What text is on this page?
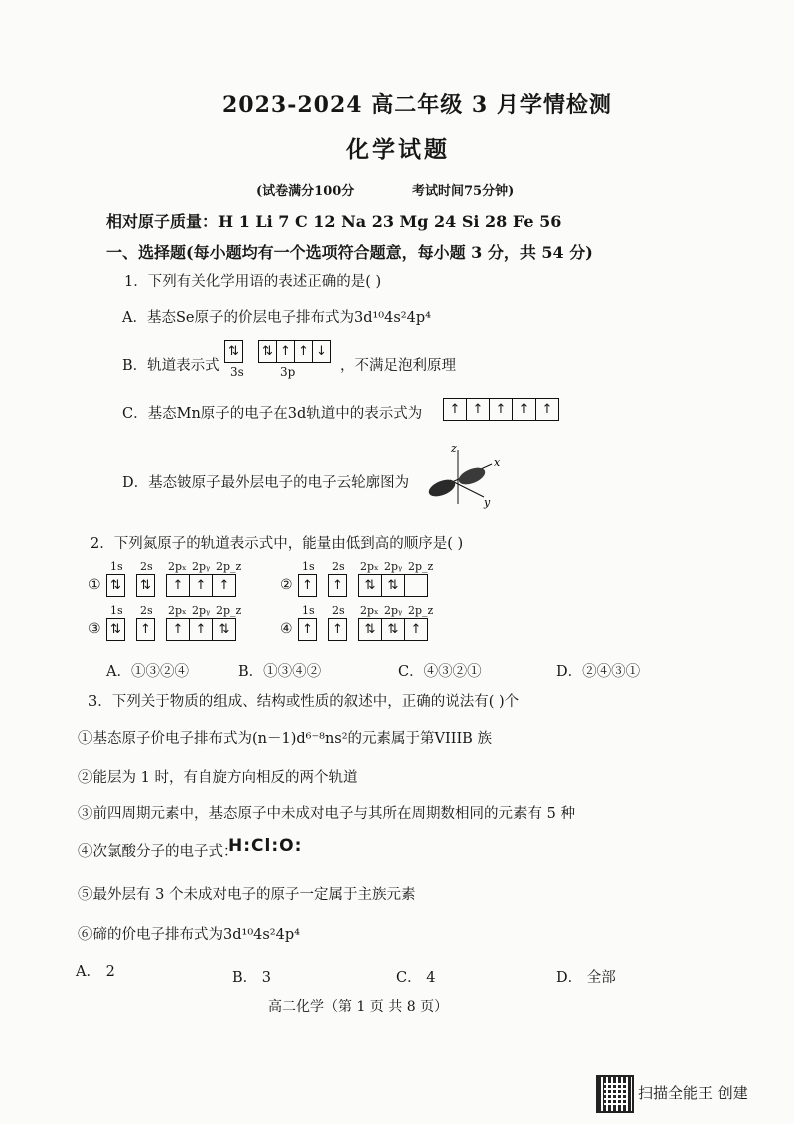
2023-2024 高二年级 3 月学情检测
化学试题
(试卷满分100分	考试时间75分钟)
相对原子质量：H 1 Li 7 C 12 Na 23 Mg 24 Si 28 Fe 56
一、选择题(每小题均有一个选项符合题意，每小题 3 分，共 54 分)
1．下列有关化学用语的表述正确的是( )
A．基态Se原子的价层电子排布式为3d¹⁰4s²4p⁴
B．轨道表示式
⇅ ⇅ ↑ ↑ ↓
3s	3p	，不满足泡利原理
C．基态Mn原子的电子在3d轨道中的表示式为	↑ ↑ ↑ ↑ ↑
D．基态铍原子最外层电子的电子云轮廓图为
z
x
y
2．下列氮原子的轨道表示式中，能量由低到高的顺序是( )
1s 2s 2pₓ 2pᵧ 2p_z
① ⇅ ⇅	↑ ↑ ↑
1s 2s 2pₓ 2pᵧ 2p_z
② ↑ ↑	⇅ ⇅
1s 2s 2pₓ 2pᵧ 2p_z
③ ⇅ ↑	↑ ↑ ⇅
1s 2s 2pₓ 2pᵧ 2p_z
④ ↑ ↑	⇅ ⇅ ↑
A．①③②④	B．①③④②	C．④③②①	D．②④③①
3．下列关于物质的组成、结构或性质的叙述中，正确的说法有( )个
①基态原子价电子排布式为(n－1)d⁶⁻⁸ns²的元素属于第VIIIB 族
②能层为 1 时，有自旋方向相反的两个轨道
③前四周期元素中，基态原子中未成对电子与其所在周期数相同的元素有 5 种
④次氯酸分子的电子式：
H:Cl:O:
⑤最外层有 3 个未成对电子的原子一定属于主族元素
⑥碲的价电子排布式为3d¹⁰4s²4p⁴
A． 2	B． 3	C． 4	D． 全部
高二化学（第 1 页 共 8 页）
扫描全能王 创建
